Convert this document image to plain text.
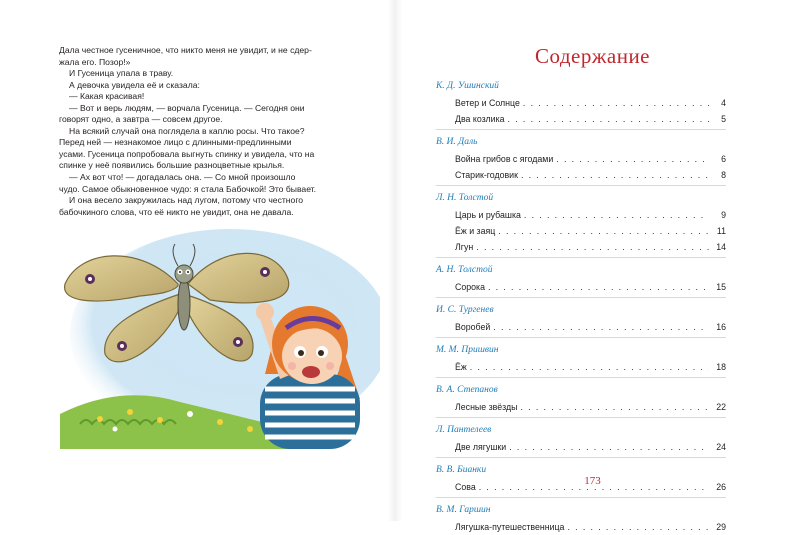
Дала честное гусеничное, что никто меня не увидит, и не сдер-

жала его. Позор!»

И Гусеница упала в траву.

А девочка увидела её и сказала:

— Какая красивая!

— Вот и верь людям, — ворчала Гусеница. — Сегодня они

говорят одно, а завтра — совсем другое.

На всякий случай она поглядела в каплю росы. Что такое?

Перед ней — незнакомое лицо с длинными-предлинными

усами. Гусеница попробовала выгнуть спинку и увидела, что на

спинке у неё появились большие разноцветные крылья.

— Ах вот что! — догадалась она. — Со мной произошло

чудо. Самое обыкновенное чудо: я стала Бабочкой! Это бывает.

И она весело закружилась над лугом, потому что честного

бабочкиного слова, что её никто не увидит, она не давала.

Содержание
К. Д. Ушинский
Ветер и Солнце . . .	4
Два козлика . . .	5
В. И. Даль
Война грибов с ягодами . . .	6
Старик-годовик . . .	8
Л. Н. Толстой
Царь и рубашка . . .	9
Ёж и заяц . . .	11
Лгун . . .	14
А. Н. Толстой
Сорока . . .	15
И. С. Тургенев
Воробей . . .	16
М. М. Пришвин
Ёж . . .	18
В. А. Степанов
Лесные звёзды . . .	22
Л. Пантелеев
Две лягушки . . .	24
В. В. Бианки
Сова . . .	26
В. М. Гаршин
Лягушка-путешественница . . .	29
173
